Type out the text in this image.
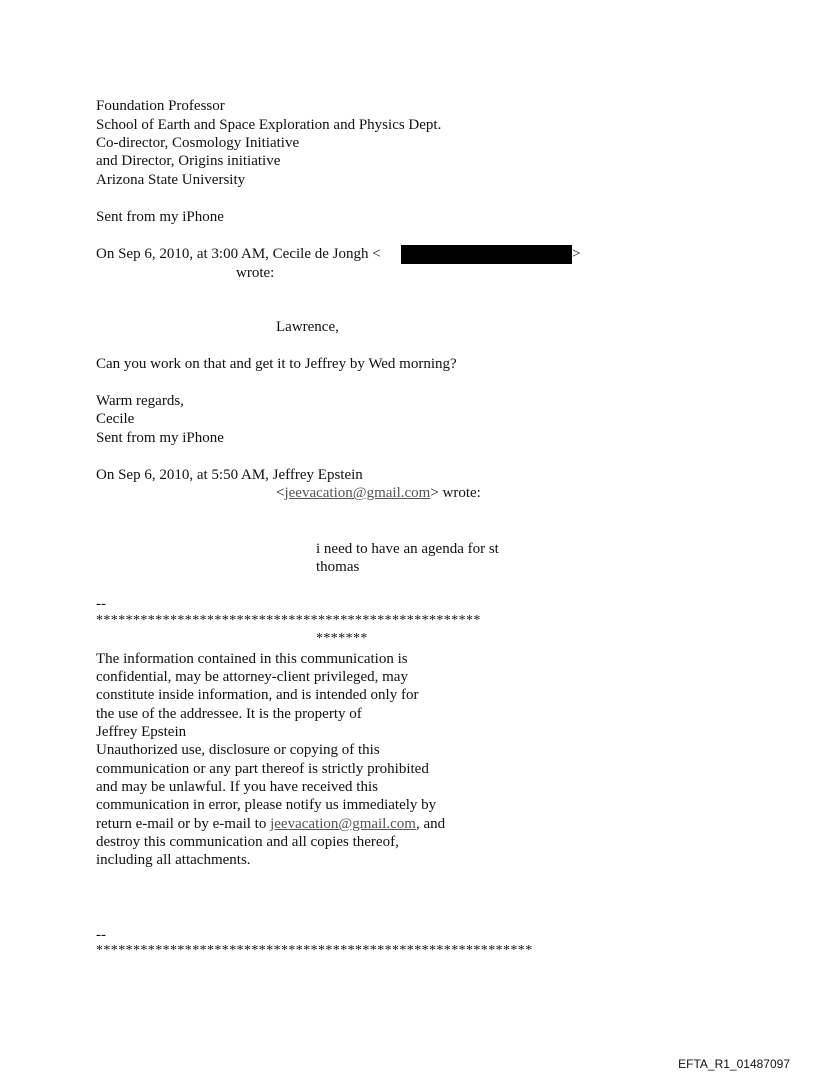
Foundation Professor
School of Earth and Space Exploration and Physics Dept.
Co-director, Cosmology Initiative
and Director, Origins initiative
Arizona State University
Sent from my iPhone
On Sep 6, 2010, at 3:00 AM, Cecile de Jongh <	>
wrote:
Lawrence,
Can you work on that and get it to Jeffrey by Wed morning?
Warm regards,
Cecile
Sent from my iPhone
On Sep 6, 2010, at 5:50 AM, Jeffrey Epstein
<jeevacation@gmail.com> wrote:
i need to have an agenda for st
thomas
--
****************************************************
*******
The information contained in this communication is
confidential, may be attorney-client privileged, may
constitute inside information, and is intended only for
the use of the addressee. It is the property of
Jeffrey Epstein
Unauthorized use, disclosure or copying of this
communication or any part thereof is strictly prohibited
and may be unlawful. If you have received this
communication in error, please notify us immediately by
return e-mail or by e-mail to jeevacation@gmail.com, and
destroy this communication and all copies thereof,
including all attachments.
--
***********************************************************
EFTA_R1_01487097
